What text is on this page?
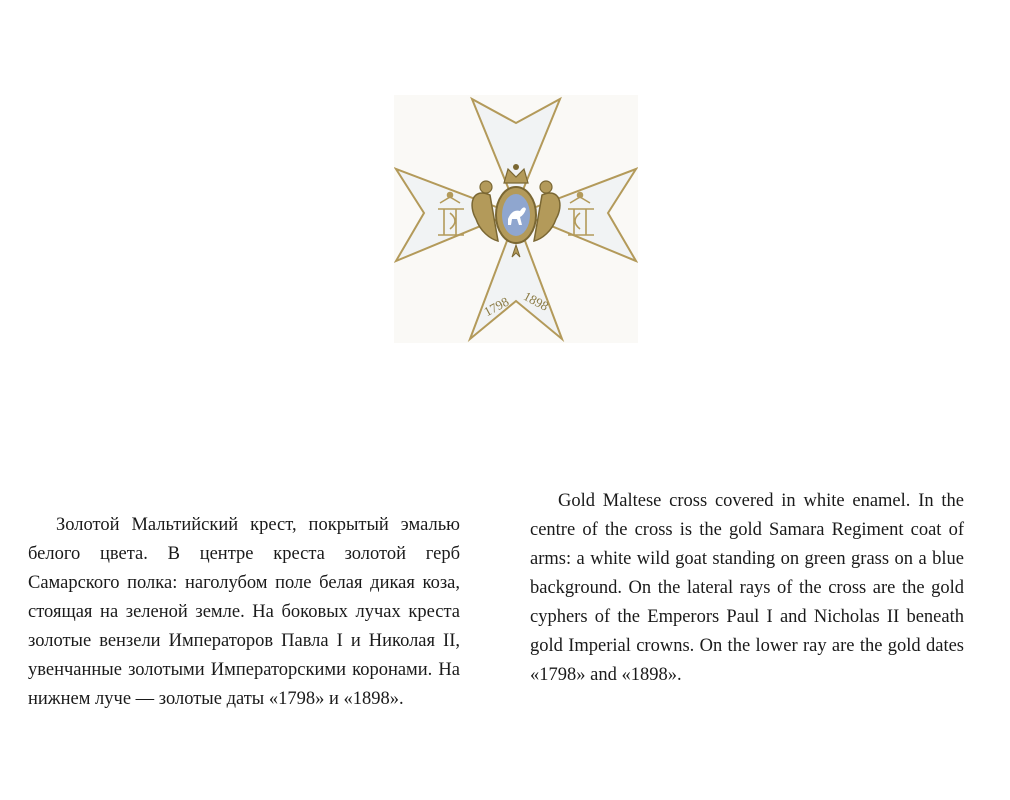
1798 1898

Золотой Мальтийский крест, покрытый эмалью белого цвета. В центре креста золотой герб Самарского полка: наголубом поле белая дикая коза, стоящая на зеленой земле. На боковых лучах креста золотые вензели Императоров Павла I и Николая II, увенчанные золотыми Императорскими коронами. На нижнем луче — золотые даты «1798» и «1898».

Gold Maltese cross covered in white enamel. In the centre of the cross is the gold Samara Regiment coat of arms: a white wild goat standing on green grass on a blue background. On the lateral rays of the cross are the gold cyphers of the Emperors Paul I and Nicholas II beneath gold Imperial crowns. On the lower ray are the gold dates «1798» and «1898».
